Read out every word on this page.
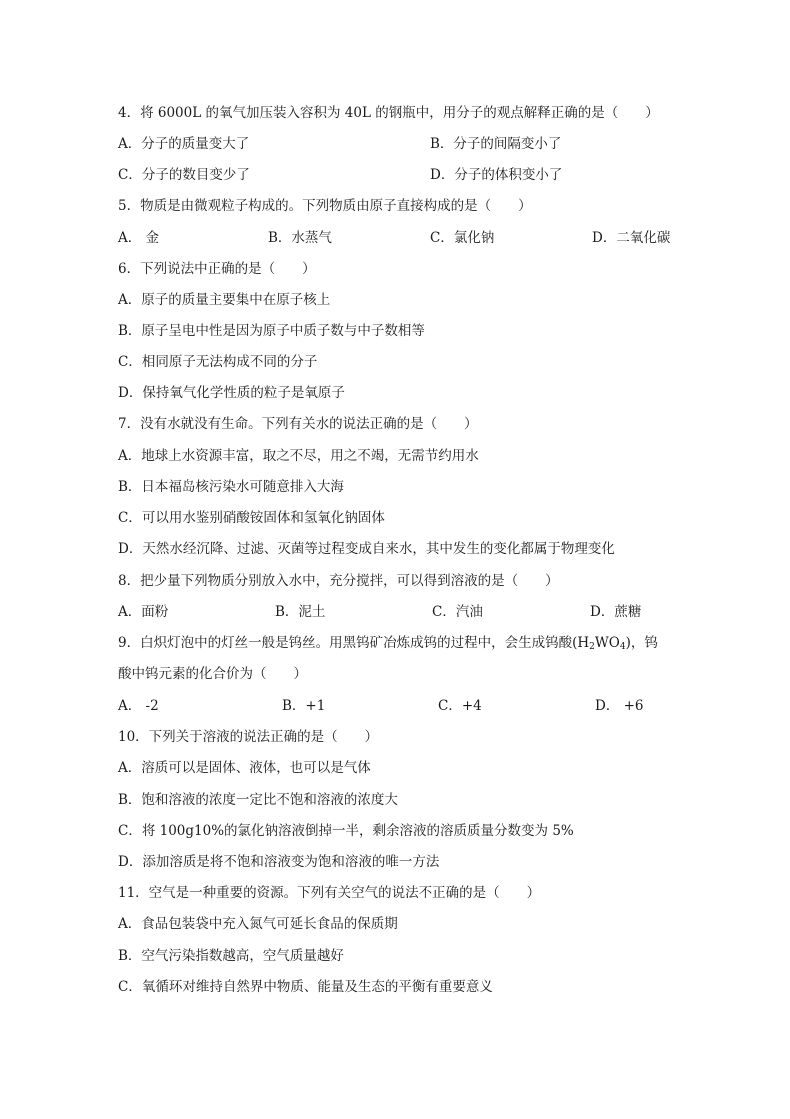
4．将 6000L 的氧气加压装入容积为 40L 的钢瓶中，用分子的观点解释正确的是（　　）
A．分子的质量变大了	B．分子的间隔变小了
C．分子的数目变少了	D．分子的体积变小了
5．物质是由微观粒子构成的。下列物质由原子直接构成的是（　　）
A． 金	B．水蒸气	C．氯化钠	D．二氧化碳
6．下列说法中正确的是（　　）
A．原子的质量主要集中在原子核上
B．原子呈电中性是因为原子中质子数与中子数相等
C．相同原子无法构成不同的分子
D．保持氧气化学性质的粒子是氧原子
7．没有水就没有生命。下列有关水的说法正确的是（　　）
A．地球上水资源丰富，取之不尽，用之不竭，无需节约用水
B．日本福岛核污染水可随意排入大海
C．可以用水鉴别硝酸铵固体和氢氧化钠固体
D．天然水经沉降、过滤、灭菌等过程变成自来水，其中发生的变化都属于物理变化
8．把少量下列物质分别放入水中，充分搅拌，可以得到溶液的是（　　）
A．面粉	B．泥土	C．汽油	D．蔗糖
9．白炽灯泡中的灯丝一般是钨丝。用黑钨矿冶炼成钨的过程中，会生成钨酸$(H_2WO_4)$，钨
酸中钨元素的化合价为（　　）
A． -2	B．+1	C．+4	D． +6
10．下列关于溶液的说法正确的是（　　）
A．溶质可以是固体、液体，也可以是气体
B．饱和溶液的浓度一定比不饱和溶液的浓度大
C．将 100g10%的氯化钠溶液倒掉一半，剩余溶液的溶质质量分数变为 5%
D．添加溶质是将不饱和溶液变为饱和溶液的唯一方法
11．空气是一种重要的资源。下列有关空气的说法不正确的是（　　）
A．食品包装袋中充入氮气可延长食品的保质期
B．空气污染指数越高，空气质量越好
C．氧循环对维持自然界中物质、能量及生态的平衡有重要意义
